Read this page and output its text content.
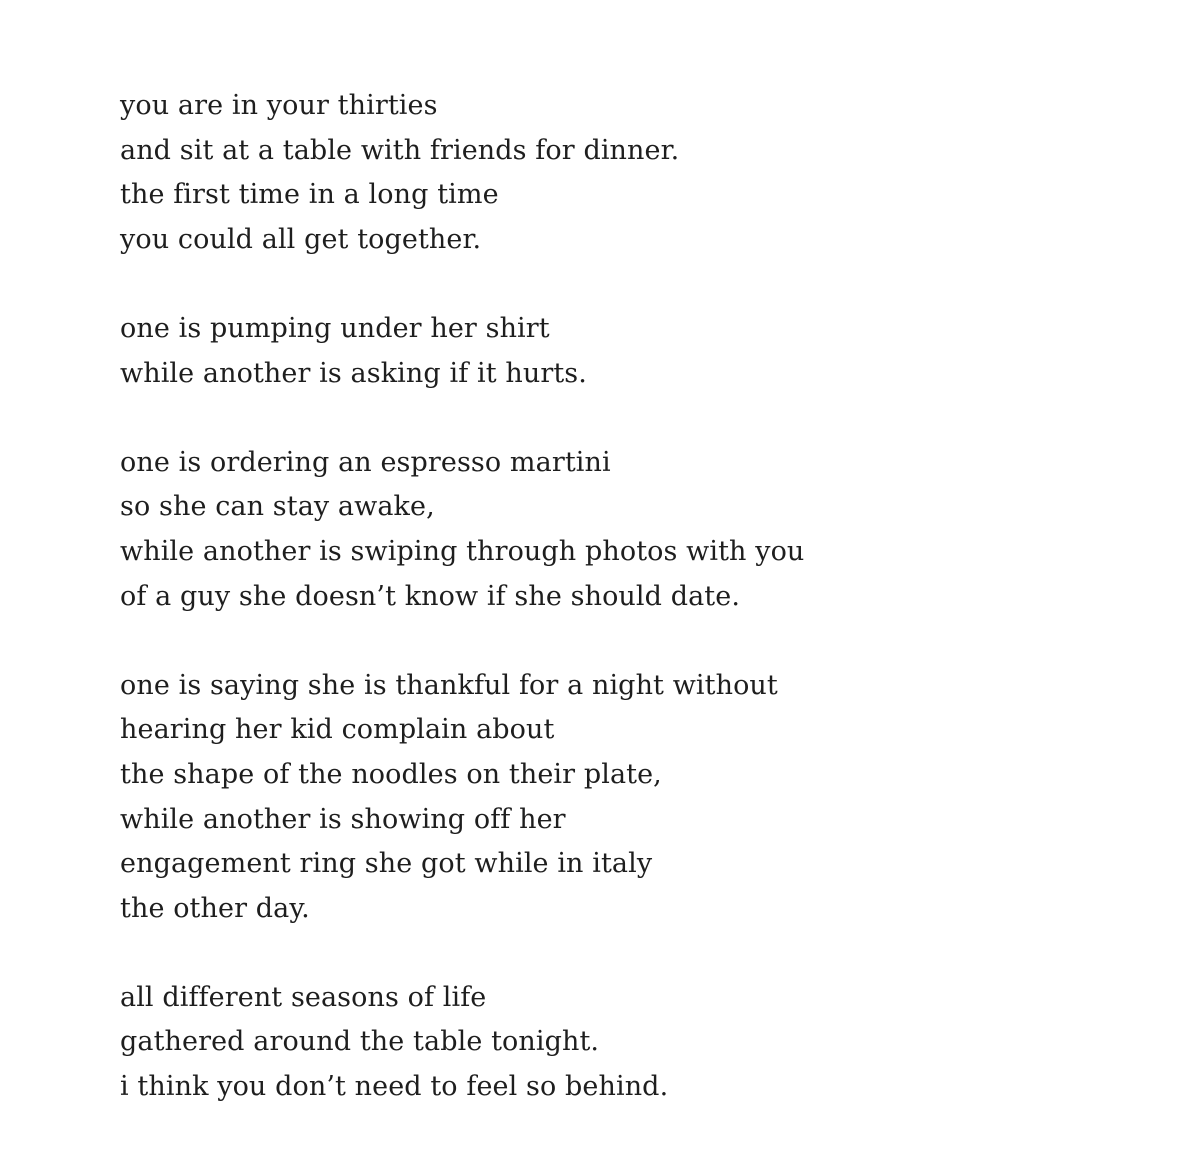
you are in your thirties
and sit at a table with friends for dinner.
the first time in a long time
you could all get together.
one is pumping under her shirt
while another is asking if it hurts.
one is ordering an espresso martini
so she can stay awake,
while another is swiping through photos with you
of a guy she doesn’t know if she should date.
one is saying she is thankful for a night without
hearing her kid complain about
the shape of the noodles on their plate,
while another is showing off her
engagement ring she got while in italy
the other day.
all different seasons of life
gathered around the table tonight.
i think you don’t need to feel so behind.
